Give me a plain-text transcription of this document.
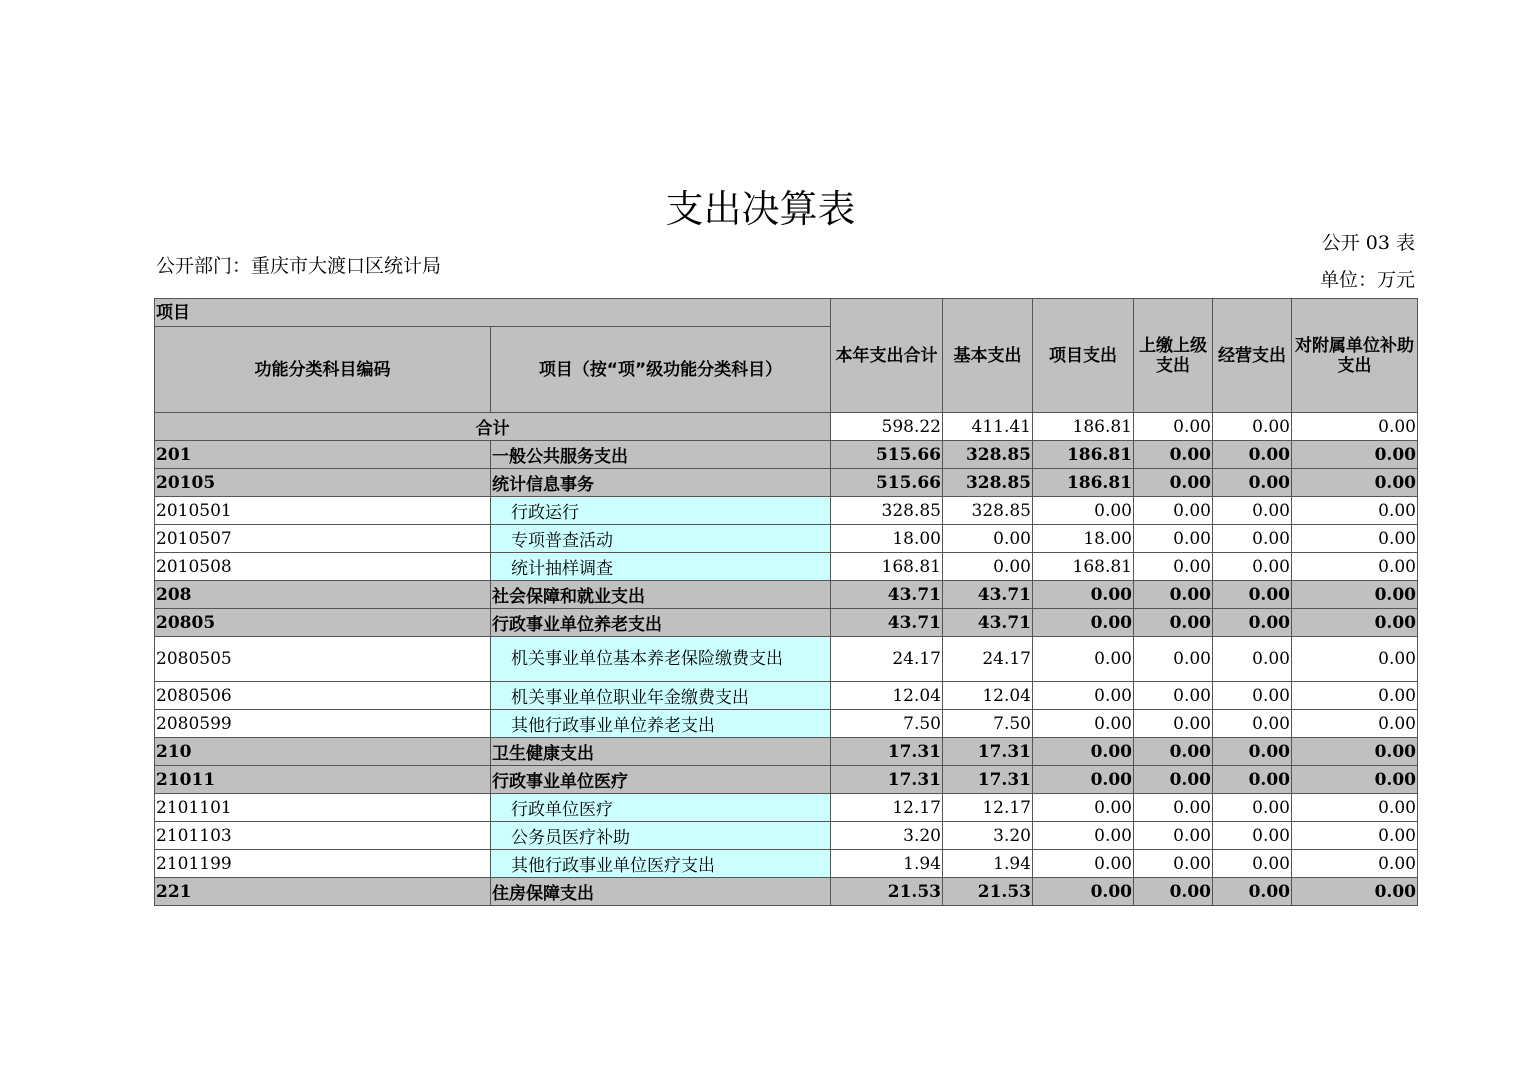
支出决算表
公开 03 表
公开部门：重庆市大渡口区统计局
单位：万元
项目		本年支出合计	基本支出	项目支出	上缴上级支出	经营支出	对附属单位补助支出
功能分类科目编码	项目（按“项”级功能分类科目）						
合计		598.22	411.41	186.81	0.00	0.00	0.00
201	一般公共服务支出	515.66	328.85	186.81	0.00	0.00	0.00
20105	统计信息事务	515.66	328.85	186.81	0.00	0.00	0.00
2010501	行政运行	328.85	328.85	0.00	0.00	0.00	0.00
2010507	专项普查活动	18.00	0.00	18.00	0.00	0.00	0.00
2010508	统计抽样调查	168.81	0.00	168.81	0.00	0.00	0.00
208	社会保障和就业支出	43.71	43.71	0.00	0.00	0.00	0.00
20805	行政事业单位养老支出	43.71	43.71	0.00	0.00	0.00	0.00
2080505	机关事业单位基本养老保险缴费支出	24.17	24.17	0.00	0.00	0.00	0.00
2080506	机关事业单位职业年金缴费支出	12.04	12.04	0.00	0.00	0.00	0.00
2080599	其他行政事业单位养老支出	7.50	7.50	0.00	0.00	0.00	0.00
210	卫生健康支出	17.31	17.31	0.00	0.00	0.00	0.00
21011	行政事业单位医疗	17.31	17.31	0.00	0.00	0.00	0.00
2101101	行政单位医疗	12.17	12.17	0.00	0.00	0.00	0.00
2101103	公务员医疗补助	3.20	3.20	0.00	0.00	0.00	0.00
2101199	其他行政事业单位医疗支出	1.94	1.94	0.00	0.00	0.00	0.00
221	住房保障支出	21.53	21.53	0.00	0.00	0.00	0.00
